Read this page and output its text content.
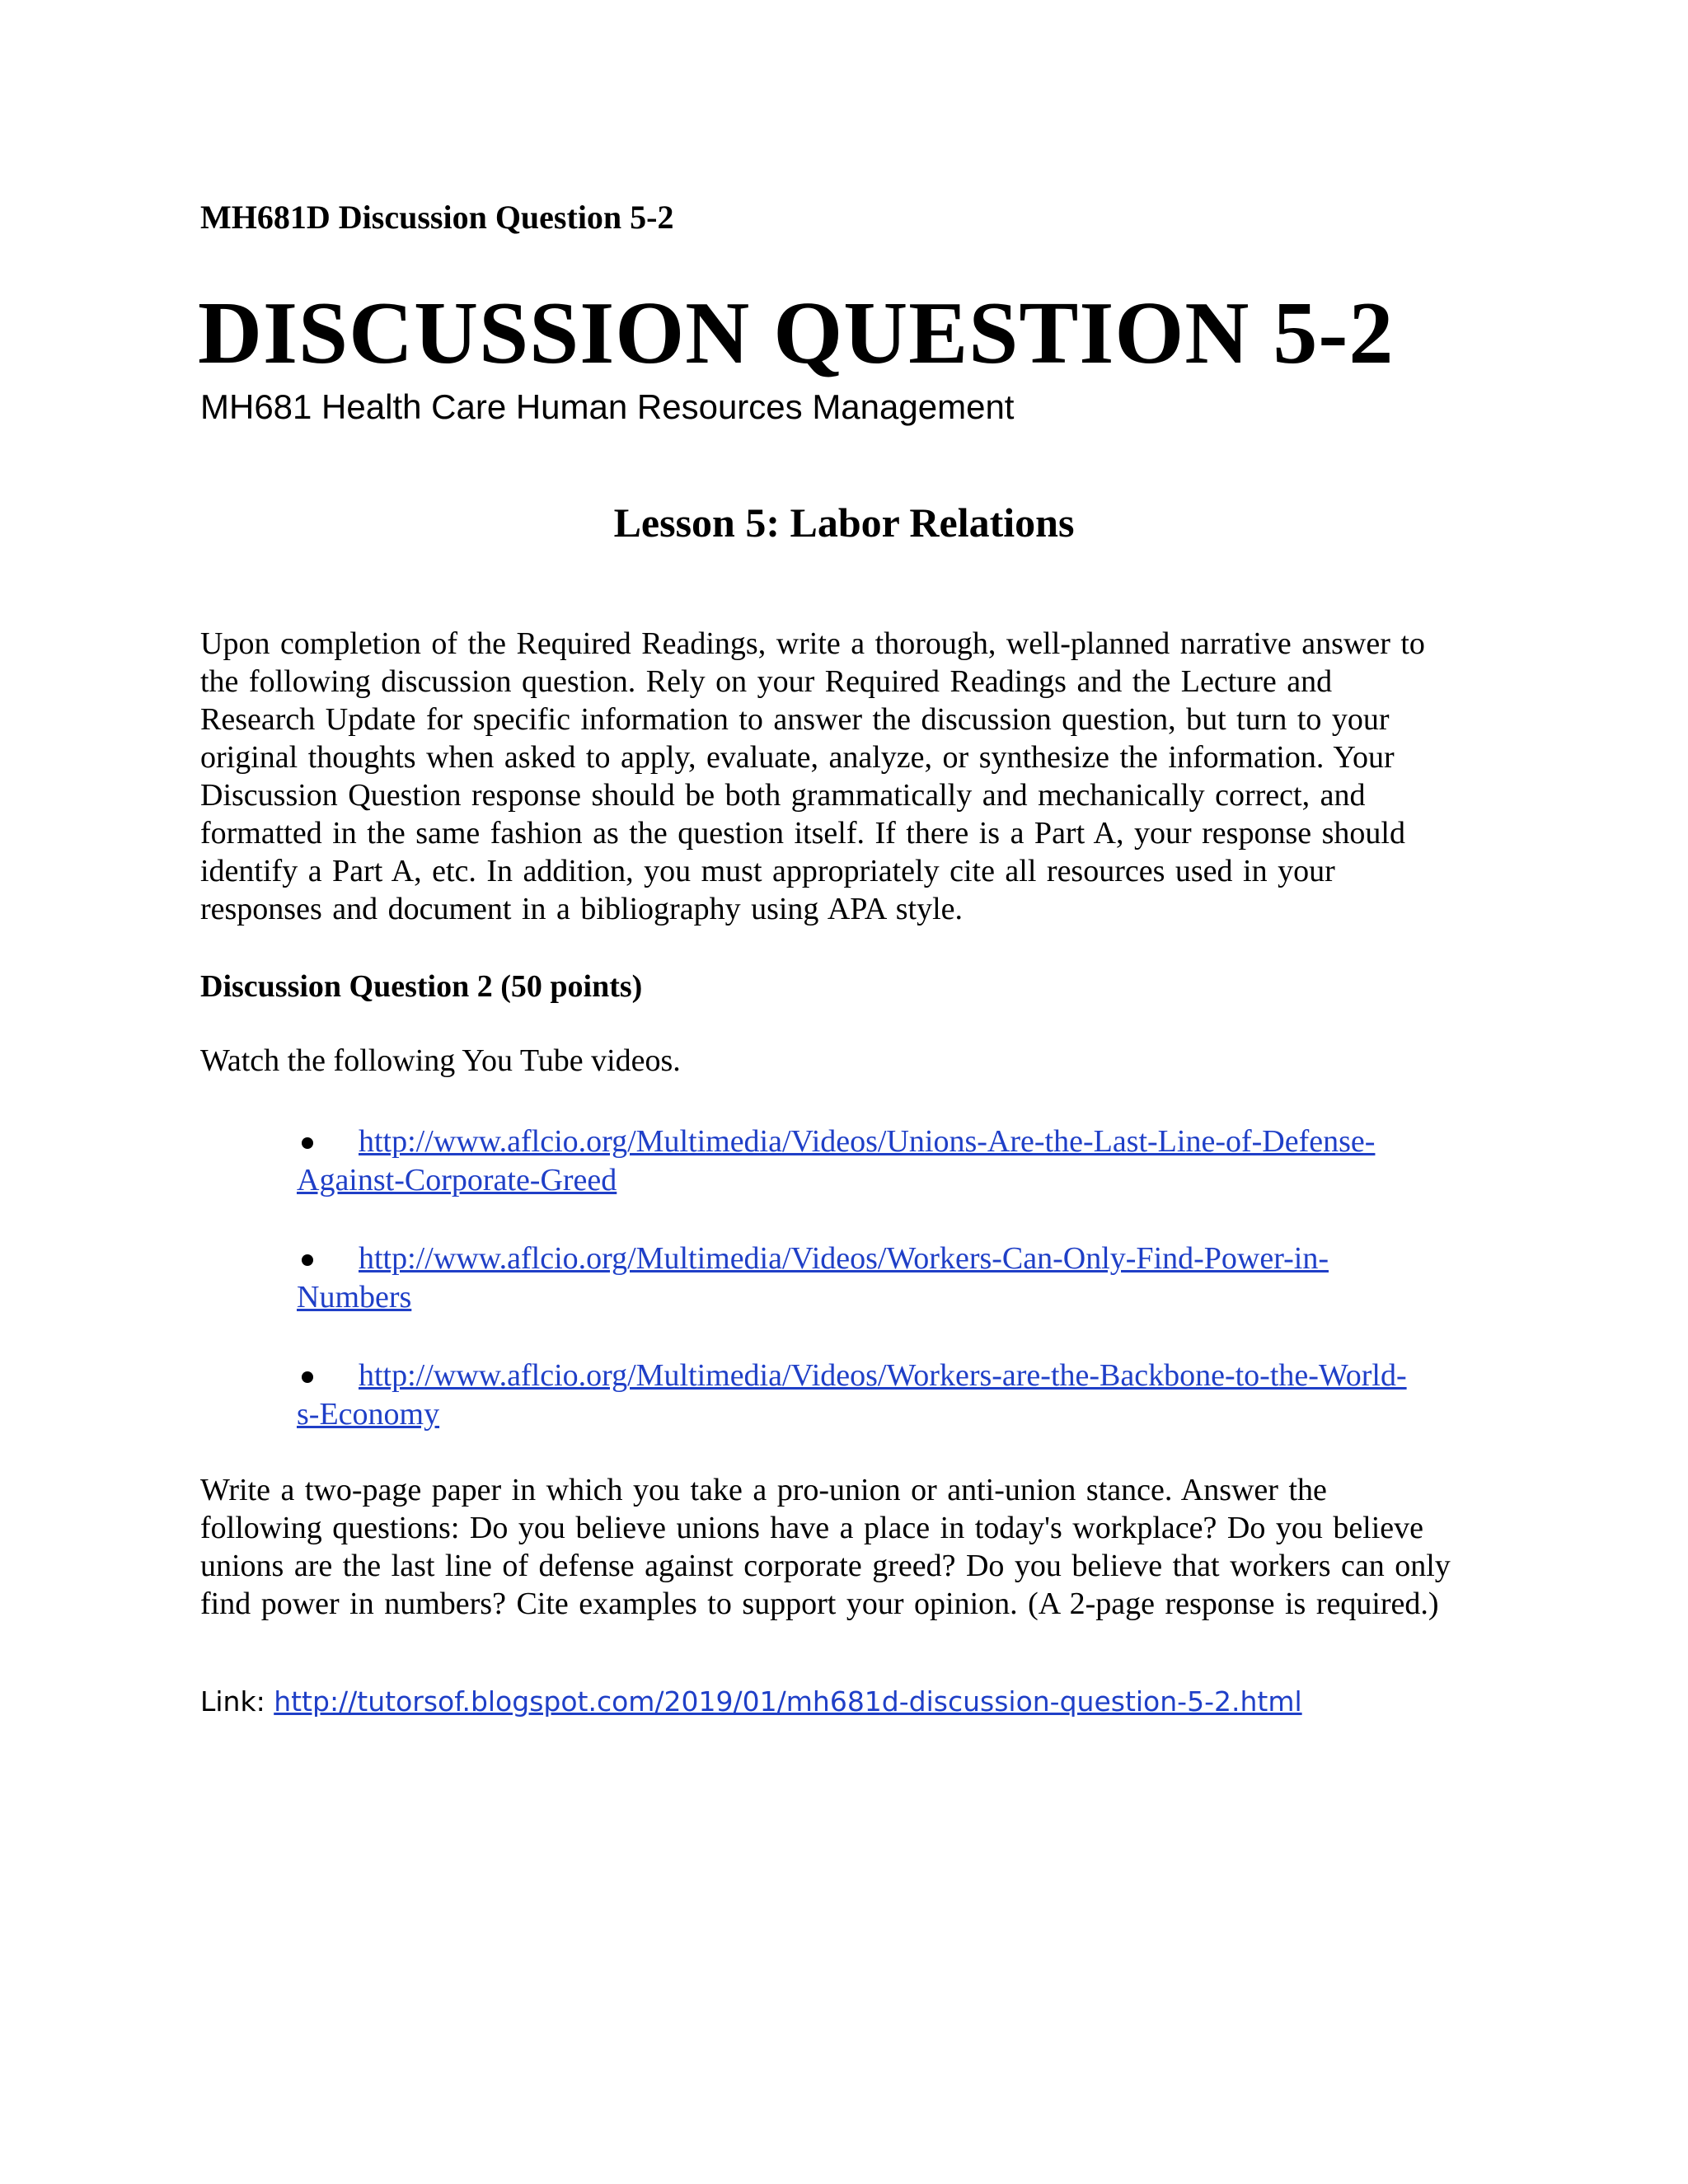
MH681D Discussion Question 5-2
DISCUSSION QUESTION 5-2
MH681 Health Care Human Resources Management
Lesson 5: Labor Relations
Upon completion of the Required Readings, write a thorough, well-planned narrative answer to
the following discussion question. Rely on your Required Readings and the Lecture and
Research Update for specific information to answer the discussion question, but turn to your
original thoughts when asked to apply, evaluate, analyze, or synthesize the information. Your
Discussion Question response should be both grammatically and mechanically correct, and
formatted in the same fashion as the question itself. If there is a Part A, your response should
identify a Part A, etc. In addition, you must appropriately cite all resources used in your
responses and document in a bibliography using APA style.
Discussion Question 2 (50 points)
Watch the following You Tube videos.
http://www.aflcio.org/Multimedia/Videos/Unions-Are-the-Last-Line-of-Defense-
Against-Corporate-Greed
http://www.aflcio.org/Multimedia/Videos/Workers-Can-Only-Find-Power-in-
Numbers
http://www.aflcio.org/Multimedia/Videos/Workers-are-the-Backbone-to-the-World-
s-Economy
Write a two-page paper in which you take a pro-union or anti-union stance. Answer the
following questions: Do you believe unions have a place in today's workplace? Do you believe
unions are the last line of defense against corporate greed? Do you believe that workers can only
find power in numbers? Cite examples to support your opinion. (A 2-page response is required.)
Link: http://tutorsof.blogspot.com/2019/01/mh681d-discussion-question-5-2.html
